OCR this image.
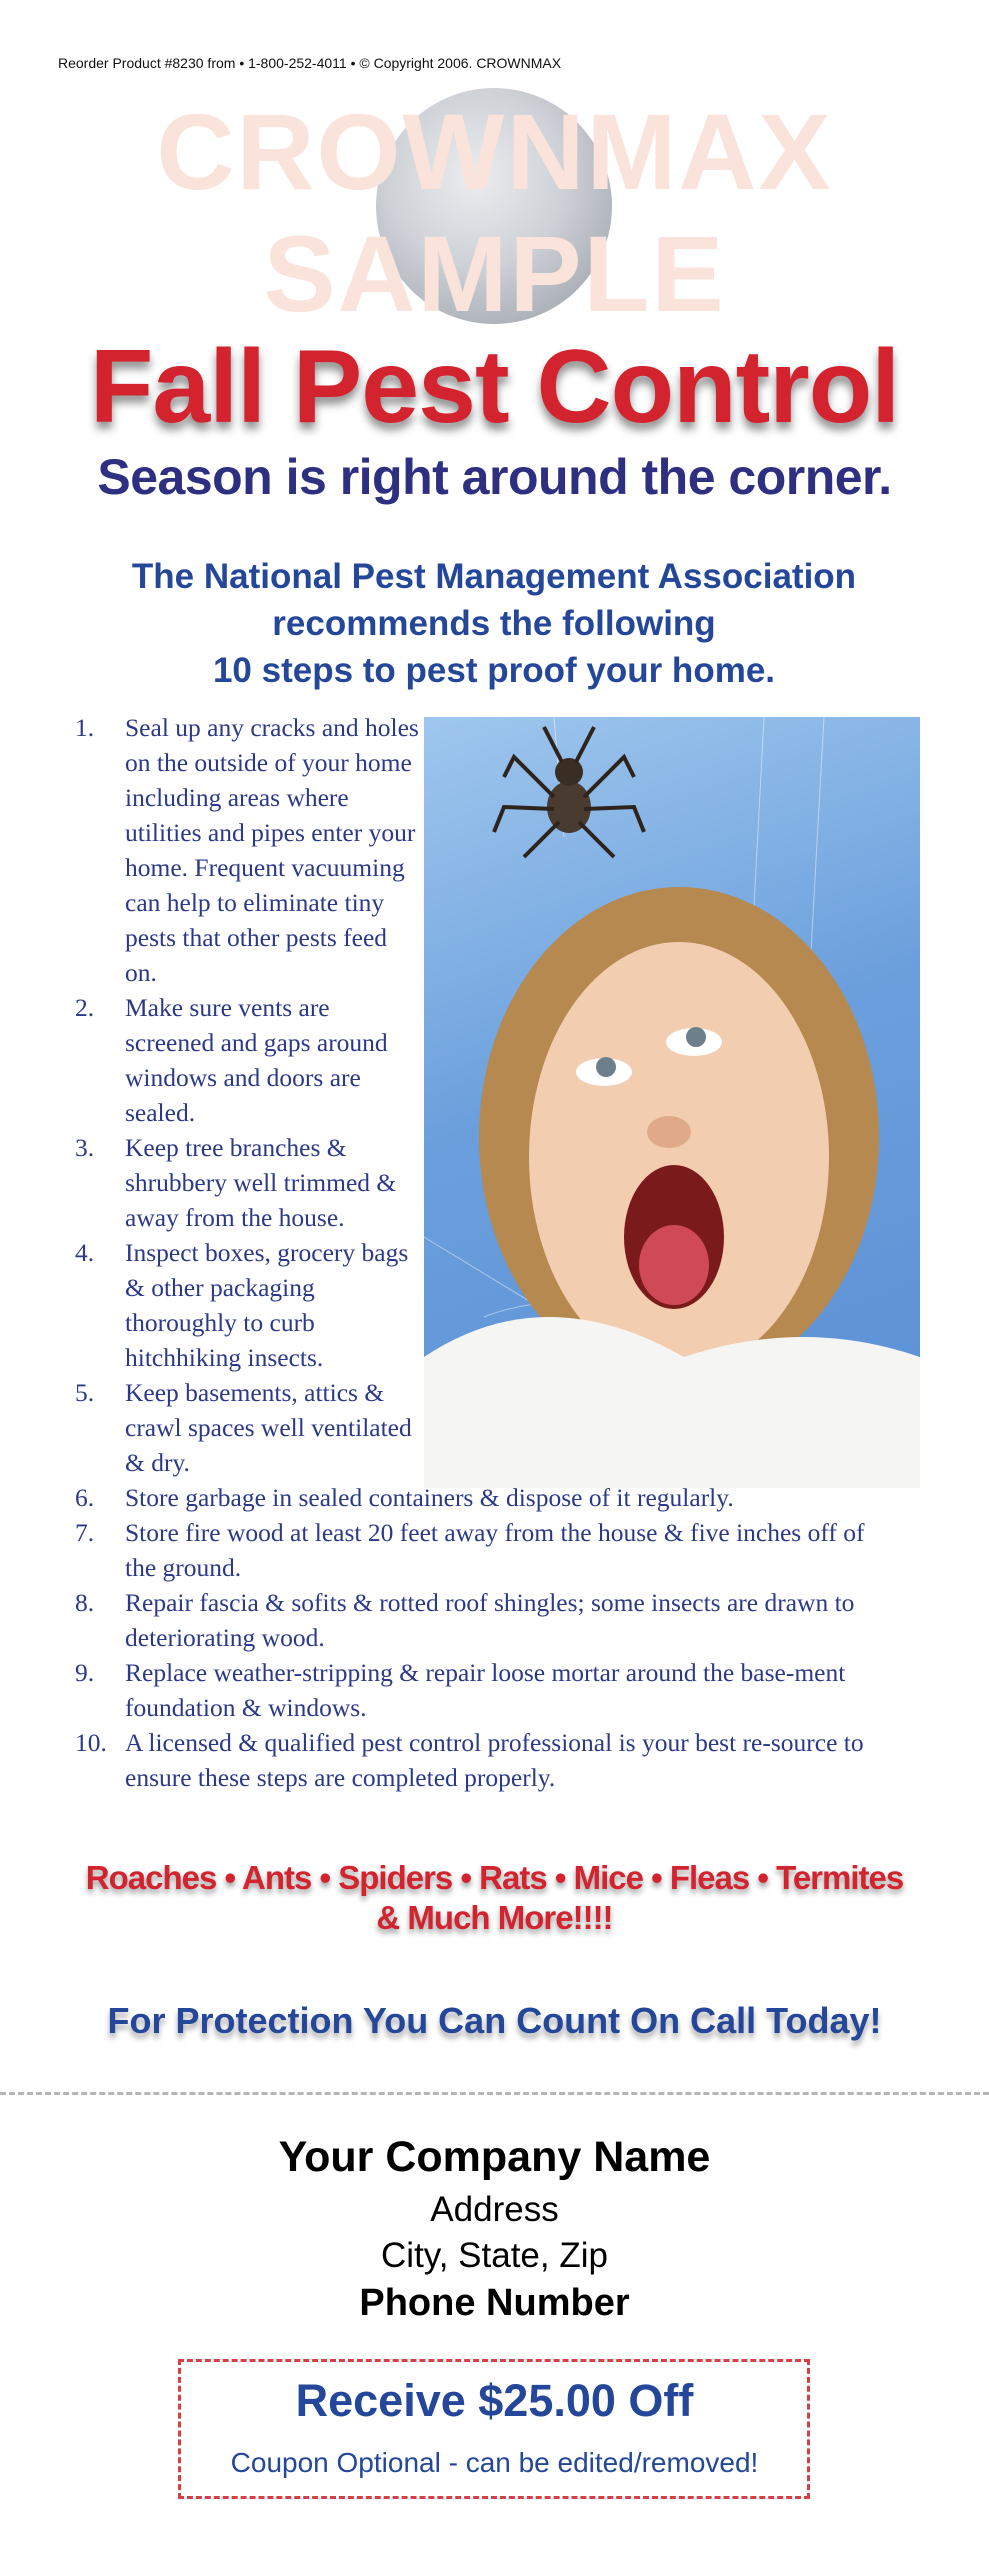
Reorder Product #8230 from • 1-800-252-4011 • © Copyright 2006. CROWNMAX
CROWNMAX
SAMPLE
Fall Pest Control
Season is right around the corner.
The National Pest Management Association
recommends the following
10 steps to pest proof your home.
1. Seal up any cracks and holes on the outside of your home including areas where utilities and pipes enter your home. Frequent vacuuming can help to eliminate tiny pests that other pests feed on.
2. Make sure vents are screened and gaps around windows and doors are sealed.
3. Keep tree branches & shrubbery well trimmed & away from the house.
4. Inspect boxes, grocery bags & other packaging thoroughly to curb hitchhiking insects.
5. Keep basements, attics & crawl spaces well ventilated & dry.
6. Store garbage in sealed containers & dispose of it regularly.
7. Store fire wood at least 20 feet away from the house & five inches off of the ground.
8. Repair fascia & sofits & rotted roof shingles; some insects are drawn to deteriorating wood.
9. Replace weather-stripping & repair loose mortar around the base-ment foundation & windows.
10. A licensed & qualified pest control professional is your best re-source to ensure these steps are completed properly.
Roaches • Ants • Spiders • Rats • Mice • Fleas • Termites
& Much More!!!!
For Protection You Can Count On Call Today!
Your Company Name
Address
City, State, Zip
Phone Number
Receive $25.00 Off
Coupon Optional - can be edited/removed!
